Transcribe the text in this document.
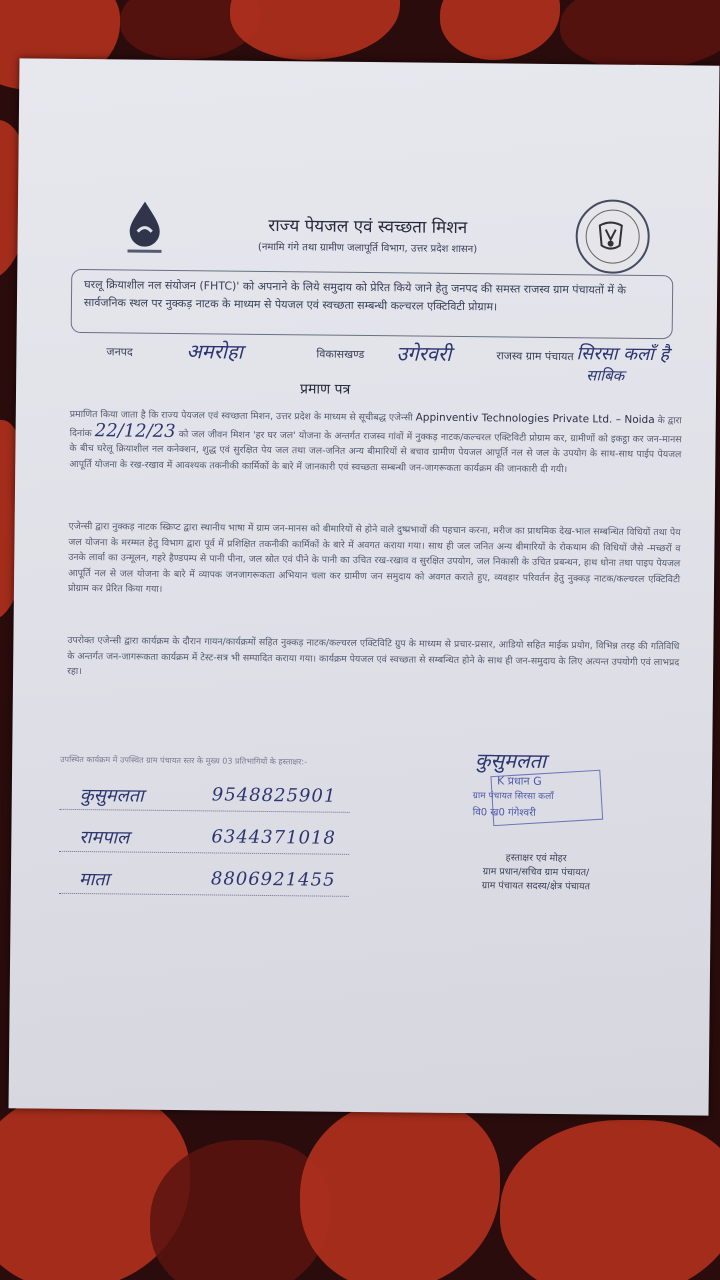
राज्य पेयजल एवं स्वच्छता मिशन
(नमामि गंगे तथा ग्रामीण जलापूर्ति विभाग, उत्तर प्रदेश शासन)
घरलू क्रियाशील नल संयोजन (FHTC)' को अपनाने के लिये समुदाय को प्रेरित किये जाने हेतु जनपद की समस्त राजस्व ग्राम पंचायतों में के सार्वजनिक स्थल पर नुक्कड़ नाटक के माध्यम से पेयजल एवं स्वच्छता सम्बन्धी कल्चरल एक्टिविटी प्रोग्राम।
जनपद	अमरोहा	विकासखण्ड उगेरवरी	राजस्व ग्राम पंचायत सिरसा कलाँ है
साबिक
प्रमाण पत्र
प्रमाणित किया जाता है कि राज्य पेयजल एवं स्वच्छता मिशन, उत्तर प्रदेश के माध्यम से सूचीबद्ध एजेन्सी Appinventiv Technologies Private Ltd. – Noida के द्वारा दिनांक 22/12/23 को जल जीवन मिशन 'हर घर जल' योजना के अन्तर्गत राजस्व गांवों में नुक्कड़ नाटक/कल्चरल एक्टिविटी प्रोग्राम कर, ग्रामीणों को इकट्ठा कर जन-मानस के बीच घरेलू क्रियाशील नल कनेक्शन, शुद्ध एवं सुरक्षित पेय जल तथा जल-जनित अन्य बीमारियों से बचाव ग्रामीण पेयजल आपूर्ति नल से जल के उपयोग के साथ-साथ पाईप पेयजल आपूर्ति योजना के रख-रखाव में आवश्यक तकनीकी कार्मिकों के बारे में जानकारी एवं स्वच्छता सम्बन्धी जन-जागरूकता कार्यक्रम की जानकारी दी गयी।
एजेन्सी द्वारा नुक्कड़ नाटक स्क्रिप्ट द्वारा स्थानीय भाषा में ग्राम जन-मानस को बीमारियों से होने वाले दुष्प्रभावों की पहचान करना, मरीज का प्राथमिक देख-भाल सम्बन्धित विधियों तथा पेय जल योजना के मरम्मत हेतु विभाग द्वारा पूर्व में प्रशिक्षित तकनीकी कार्मिकों के बारे में अवगत कराया गया। साथ ही जल जनित अन्य बीमारियों के रोकथाम की विधियों जैसे -मच्छरों व उनके लार्वा का उन्मूलन, गहरे हैण्डपम्प से पानी पीना, जल स्रोत एवं पीने के पानी का उचित रख-रखाव व सुरक्षित उपयोग, जल निकासी के उचित प्रबन्धन, हाथ धोना तथा पाइप पेयजल आपूर्ति नल से जल योजना के बारे में व्यापक जनजागरूकता अभियान चला कर ग्रामीण जन समुदाय को अवगत कराते हुए, व्यवहार परिवर्तन हेतु नुक्कड़ नाटक/कल्चरल एक्टिविटी प्रोग्राम कर प्रेरित किया गया।
उपरोक्त एजेन्सी द्वारा कार्यक्रम के दौरान गायन/कार्यक्रमों सहित नुक्कड़ नाटक/कल्चरल एक्टिविटि ग्रुप के माध्यम से प्रचार-प्रसार, आडियो सहित माईक प्रयोग, विभिन्न तरह की गतिविधि के अन्तर्गत जन-जागरूकता कार्यक्रम में टेस्ट-सत्र भी सम्पादित कराया गया। कार्यक्रम पेयजल एवं स्वच्छता से सम्बन्धित होने के साथ ही जन-समुदाय के लिए अत्यन्त उपयोगी एवं लाभप्रद रहा।
उपस्थित कार्यक्रम में उपस्थित ग्राम पंचायत स्तर के मुख्य 03 प्रतिभागियों के हस्ताक्षर:-
कुसुमलता	9548825901
रामपाल	6344371018
माता	8806921455
कुसुमलता
K प्रधान G
ग्राम पंचायत सिरसा कलाँ
वि0 ख0 गंगेश्वरी
हस्ताक्षर एवं मोहर
ग्राम प्रधान/सचिव ग्राम पंचायत/
ग्राम पंचायत सदस्य/क्षेत्र पंचायत
